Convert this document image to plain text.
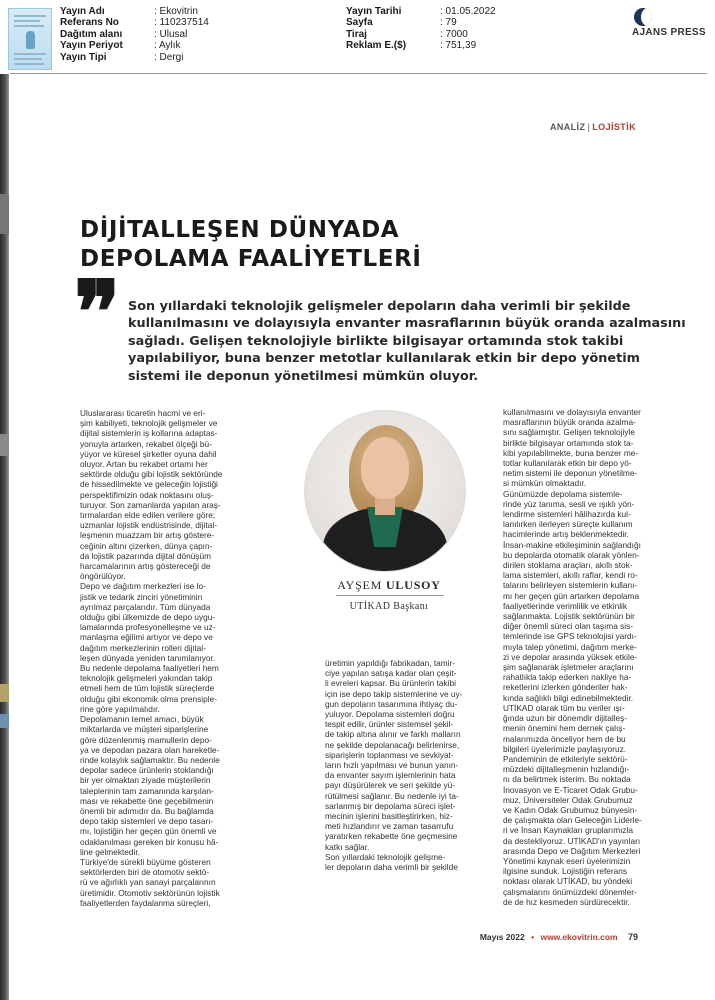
Yayın Adı	: Ekovitrin
Referans No	: 110237514
Dağıtım alanı	: Ulusal
Yayın Periyot	: Aylık
Yayın Tipi	: Dergi
Yayın Tarihi	: 01.05.2022
Sayfa	: 79
Tiraj	: 7000
Reklam E.($)	: 751,39
AJANS PRESS
ANALİZ | LOJİSTİK
DİJİTALLEŞEN DÜNYADA
DEPOLAMA FAALİYETLERİ
❞ Son yıllardaki teknolojik gelişmeler depoların daha verimli bir şekilde
kullanılmasını ve dolayısıyla envanter masraflarının büyük oranda azalmasını
sağladı. Gelişen teknolojiyle birlikte bilgisayar ortamında stok takibi
yapılabiliyor, buna benzer metotlar kullanılarak etkin bir depo yönetim
sistemi ile deponun yönetilmesi mümkün oluyor.

Uluslararası ticaretin hacmi ve eri-
şim kabiliyeti, teknolojik gelişmeler ve
dijital sistemlerin iş kollarına adaptas-
yonuyla artarken, rekabet ölçeği bü-
yüyor ve küresel şirketler oyuna dahil
oluyor. Artan bu rekabet ortamı her
sektörde olduğu gibi lojistik sektöründe
de hissedilmekte ve geleceğin lojistiği
perspektifimizin odak noktasını oluş-
turuyor. Son zamanlarda yapılan araş-
tırmalardan elde edilen verilere göre;
uzmanlar lojistik endüstrisinde, dijital-
leşmenin muazzam bir artış göstere-
ceğinin altını çizerken, dünya çapın-
da lojistik pazarında dijital dönüşüm
harcamalarının artış göstereceği de
öngörülüyor.
Depo ve dağıtım merkezleri ise lo-
jistik ve tedarik zinciri yönetiminin
ayrılmaz parçalarıdır. Tüm dünyada
olduğu gibi ülkemizde de depo uygu-
lamalarında profesyonelleşme ve uz-
manlaşma eğilimi artıyor ve depo ve
dağıtım merkezlerinin rolleri dijital-
leşen dünyada yeniden tanımlanıyor.
Bu nedenle depolama faaliyetleri hem
teknolojik gelişmeleri yakından takip
etmeli hem de tüm lojistik süreçlerde
olduğu gibi ekonomik olma prensiple-
rine göre yapılmalıdır.
Depolamanın temel amacı, büyük
miktarlarda ve müşteri siparişlerine
göre düzenlenmiş mamullerin depo-
ya ve depodan pazara olan hareketle-
rinde kolaylık sağlamaktır. Bu nedenle
depolar sadece ürünlerin stoklandığı
bir yer olmaktan ziyade müşterilerin
taleplerinin tam zamanında karşılan-
ması ve rekabette öne geçebilmenin
önemli bir adımıdır da. Bu bağlamda
depo takip sistemleri ve depo tasarı-
mı, lojistiğin her geçen gün önemli ve
odaklanılması gereken bir konusu hâ-
line gelmektedir.
Türkiye'de sürekli büyüme gösteren
sektörlerden biri de otomotiv sektö-
rü ve ağırlıklı yan sanayi parçalarının
üretimidir. Otomotiv sektörünün lojistik
faaliyetlerden faydalanma süreçleri,

AYŞEM ULUSOY
UTİKAD Başkanı

üretimin yapıldığı fabrikadan, tamir-
ciye yapılan satışa kadar olan çeşit-
li evreleri kapsar. Bu ürünlerin takibi
için ise depo takip sistemlerine ve uy-
gun depoların tasarımına ihtiyaç du-
yuluyor. Depolama sistemleri doğru
tespit edilir, ürünler sistemsel şekil-
de takip altına alınır ve farklı malların
ne şekilde depolanacağı belirlenirse,
siparişlerin toplanması ve sevkiyat-
ların hızlı yapılması ve bunun yanın-
da envanter sayım işlemlerinin hata
payı düşürülerek ve seri şekilde yü-
rütülmesi sağlanır. Bu nedenle iyi ta-
sarlanmış bir depolama süreci işlet-
mecinin işlerini basitleştirirken, hiz-
meti hızlandırır ve zaman tasarrufu
yaratırken rekabette öne geçmesine
katkı sağlar.
Son yıllardaki teknolojik gelişme-
ler depoların daha verimli bir şekilde

kullanılmasını ve dolayısıyla envanter
masraflarının büyük oranda azalma-
sını sağlamıştır. Gelişen teknolojiyle
birlikte bilgisayar ortamında stok ta-
kibi yapılabilmekte, buna benzer me-
totlar kullanılarak etkin bir depo yö-
netim sistemi ile deponun yönetilme-
si mümkün olmaktadır.
Günümüzde depolama sistemle-
rinde yüz tanıma, sesli ve ışıklı yön-
lendirme sistemleri hâlihazırda kul-
lanılırken ilerleyen süreçte kullanım
hacimlerinde artış beklenmektedir.
İnsan-makine etkileşiminin sağlandığı
bu depolarda otomatik olarak yönlen-
dirilen stoklama araçları, akıllı stok-
lama sistemleri, akıllı raflar, kendi ro-
talarını belirleyen sistemlerin kullanı-
mı her geçen gün artarken depolama
faaliyetlerinde verimlilik ve etkinlik
sağlanmakta. Lojistik sektörünün bir
diğer önemli süreci olan taşıma sis-
temlerinde ise GPS teknolojisi yardı-
mıyla talep yönetimi, dağıtım merke-
zi ve depolar arasında yüksek etkile-
şim sağlanarak işletmeler araçlarını
rahatlıkla takip ederken nakliye ha-
reketlerini izlerken gönderiler hak-
kında sağlıklı bilgi edinebilmektedir.
UTİKAD olarak tüm bu veriler ışı-
ğında uzun bir dönemdir dijitalleş-
menin önemini hem dernek çalış-
malarımızda önceliyor hem de bu
bilgileri üyelerimizle paylaşıyoruz.
Pandeminin de etkileriyle sektörü-
müzdeki dijitalleşmenin hızlandığı-
nı da belirtmek isterim. Bu noktada
İnovasyon ve E-Ticaret Odak Grubu-
muz, Üniversiteler Odak Grubumuz
ve Kadın Odak Grubumuz bünyesin-
de çalışmakta olan Geleceğin Liderle-
ri ve İnsan Kaynakları gruplarımızla
da destekliyoruz. UTİKAD'ın yayınları
arasında Depo ve Dağıtım Merkezleri
Yönetimi kaynak eseri üyelerimizin
ilgisine sunduk. Lojistiğin referans
noktası olarak UTİKAD, bu yöndeki
çalışmalarını önümüzdeki dönemler-
de de hız kesmeden sürdürecektir.

Mayıs 2022 • www.ekovitrin.com 79
